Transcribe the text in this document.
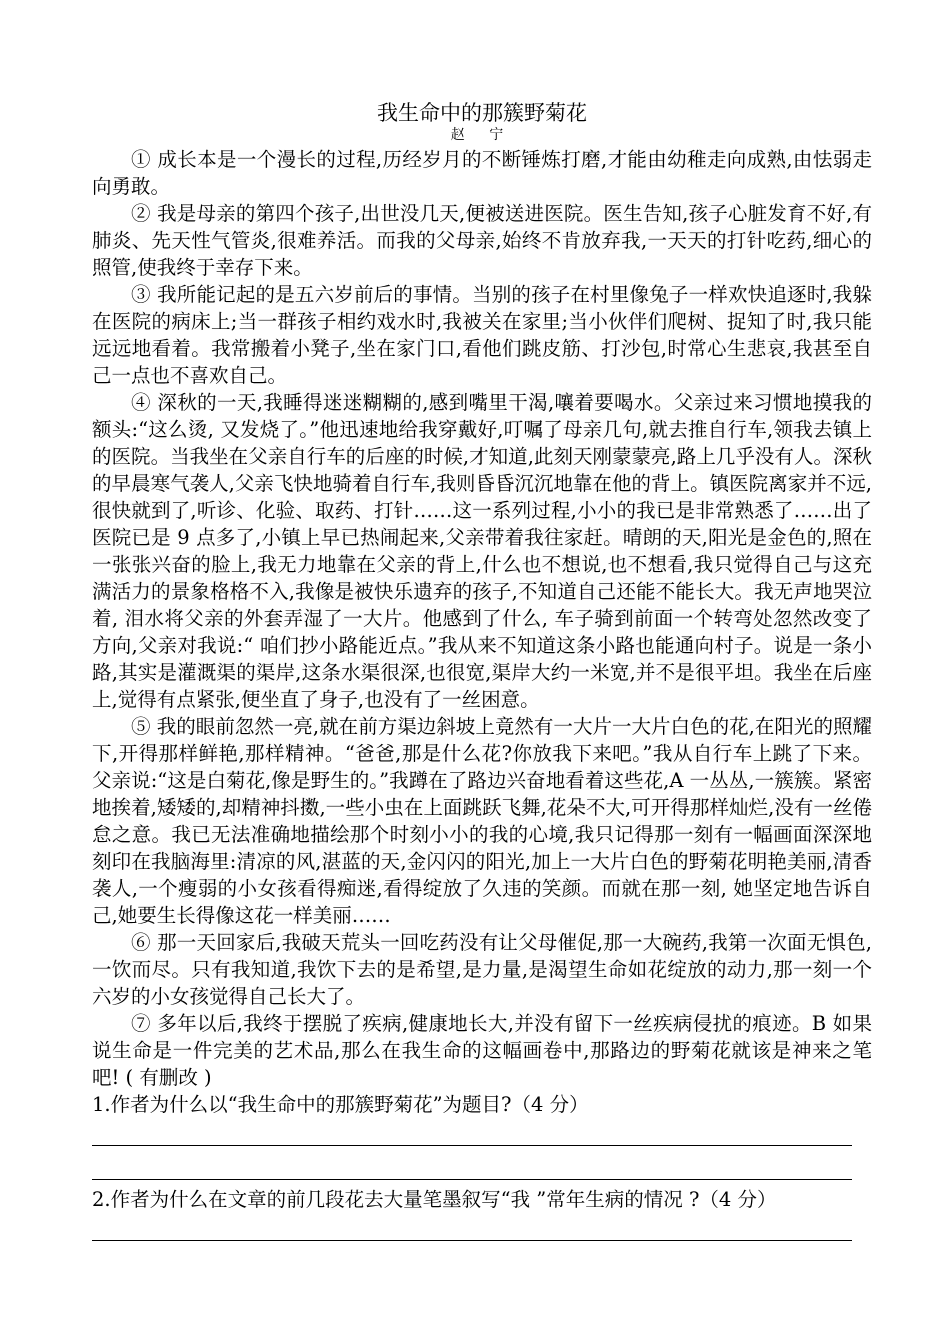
我生命中的那簇野菊花
赵 宁

① 成长本是一个漫长的过程,历经岁月的不断锤炼打磨,才能由幼稚走向成熟,由怯弱走向勇敢。

② 我是母亲的第四个孩子,出世没几天,便被送进医院。医生告知,孩子心脏发育不好,有肺炎、先天性气管炎,很难养活。而我的父母亲,始终不肯放弃我,一天天的打针吃药,细心的照管,使我终于幸存下来。

③ 我所能记起的是五六岁前后的事情。当别的孩子在村里像兔子一样欢快追逐时,我躲在医院的病床上;当一群孩子相约戏水时,我被关在家里;当小伙伴们爬树、捉知了时,我只能远远地看着。我常搬着小凳子,坐在家门口,看他们跳皮筋、打沙包,时常心生悲哀,我甚至自己一点也不喜欢自己。

④ 深秋的一天,我睡得迷迷糊糊的,感到嘴里干渴,嚷着要喝水。父亲过来习惯地摸我的额头:“这么烫, 又发烧了。”他迅速地给我穿戴好,叮嘱了母亲几句,就去推自行车,领我去镇上的医院。当我坐在父亲自行车的后座的时候,才知道,此刻天刚蒙蒙亮,路上几乎没有人。深秋的早晨寒气袭人,父亲飞快地骑着自行车,我则昏昏沉沉地靠在他的背上。镇医院离家并不远,很快就到了,听诊、化验、取药、打针……这一系列过程,小小的我已是非常熟悉了……出了医院已是 9 点多了,小镇上早已热闹起来,父亲带着我往家赶。晴朗的天,阳光是金色的,照在一张张兴奋的脸上,我无力地靠在父亲的背上,什么也不想说,也不想看,我只觉得自己与这充满活力的景象格格不入,我像是被快乐遗弃的孩子,不知道自己还能不能长大。我无声地哭泣着, 泪水将父亲的外套弄湿了一大片。他感到了什么, 车子骑到前面一个转弯处忽然改变了方向,父亲对我说:“ 咱们抄小路能近点。”我从来不知道这条小路也能通向村子。说是一条小路,其实是灌溉渠的渠岸,这条水渠很深,也很宽,渠岸大约一米宽,并不是很平坦。我坐在后座上,觉得有点紧张,便坐直了身子,也没有了一丝困意。

⑤ 我的眼前忽然一亮,就在前方渠边斜坡上竟然有一大片一大片白色的花,在阳光的照耀下,开得那样鲜艳,那样精神。“爸爸,那是什么花?你放我下来吧。”我从自行车上跳了下来。父亲说:“这是白菊花,像是野生的。”我蹲在了路边兴奋地看着这些花,A 一丛丛,一簇簇。紧密地挨着,矮矮的,却精神抖擞,一些小虫在上面跳跃飞舞,花朵不大,可开得那样灿烂,没有一丝倦怠之意。我已无法准确地描绘那个时刻小小的我的心境,我只记得那一刻有一幅画面深深地刻印在我脑海里:清凉的风,湛蓝的天,金闪闪的阳光,加上一大片白色的野菊花明艳美丽,清香袭人,一个瘦弱的小女孩看得痴迷,看得绽放了久违的笑颜。而就在那一刻, 她坚定地告诉自己,她要生长得像这花一样美丽……

⑥ 那一天回家后,我破天荒头一回吃药没有让父母催促,那一大碗药,我第一次面无惧色,一饮而尽。只有我知道,我饮下去的是希望,是力量,是渴望生命如花绽放的动力,那一刻一个六岁的小女孩觉得自己长大了。

⑦ 多年以后,我终于摆脱了疾病,健康地长大,并没有留下一丝疾病侵扰的痕迹。B 如果说生命是一件完美的艺术品,那么在我生命的这幅画卷中,那路边的野菊花就该是神来之笔吧! ( 有删改 )

1.作者为什么以“我生命中的那簇野菊花”为题目?（4 分）

2.作者为什么在文章的前几段花去大量笔墨叙写“我 ”常年生病的情况 ?（4 分）
